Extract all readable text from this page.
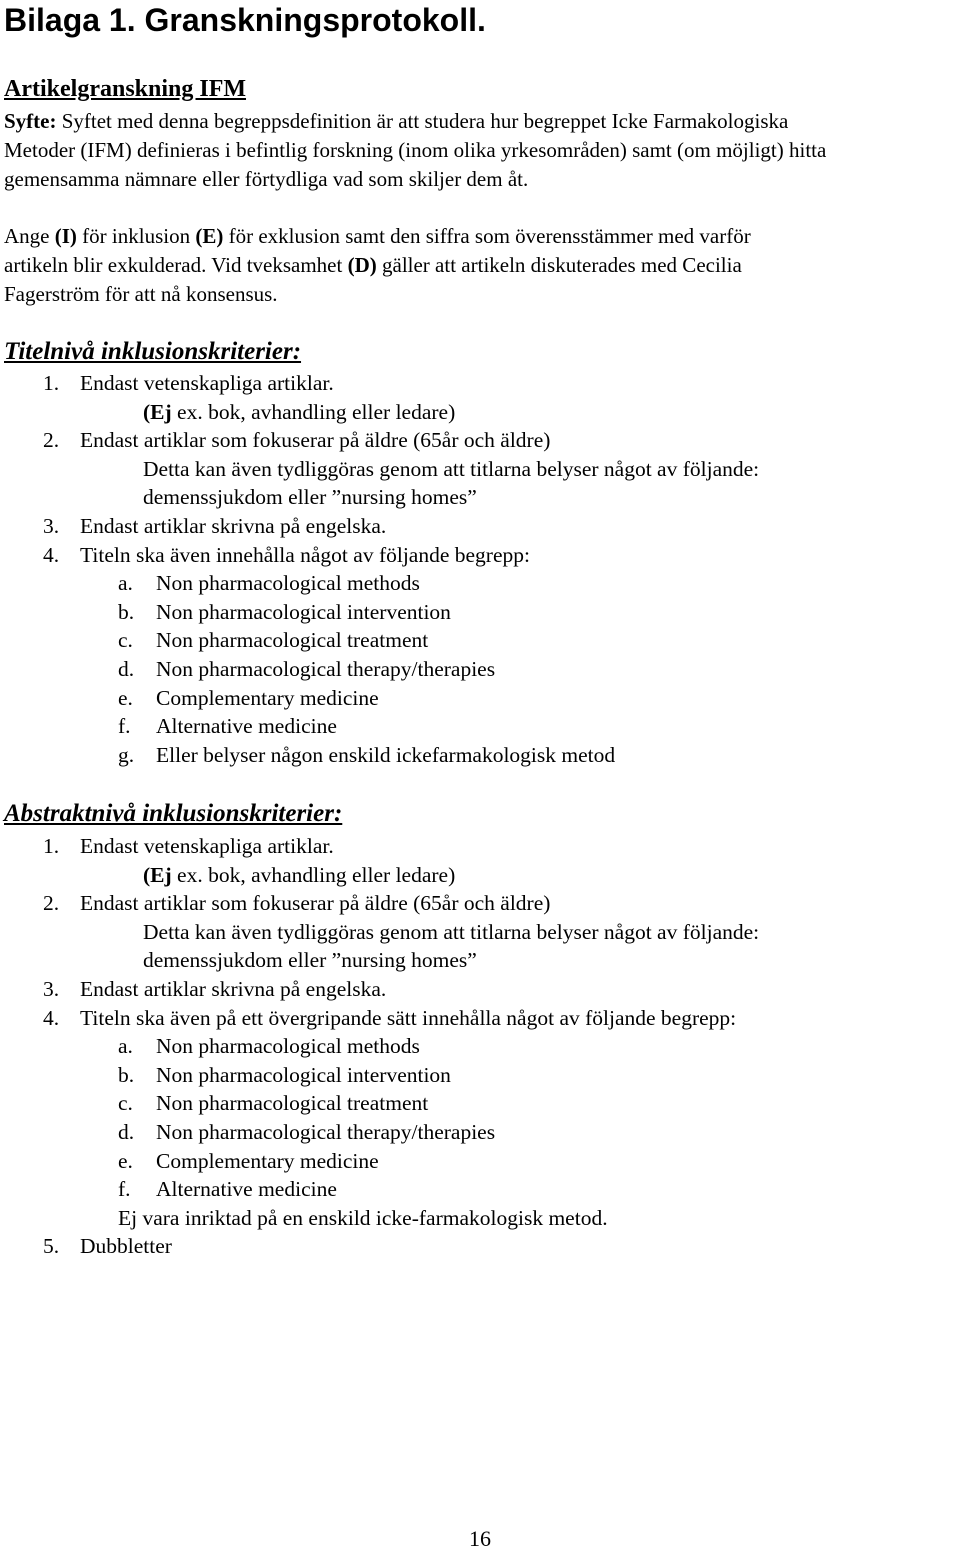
Bilaga 1. Granskningsprotokoll.
Artikelgranskning IFM
Syfte: Syftet med denna begreppsdefinition är att studera hur begreppet Icke Farmakologiska
Metoder (IFM) definieras i befintlig forskning (inom olika yrkesområden) samt (om möjligt) hitta
gemensamma nämnare eller förtydliga vad som skiljer dem åt.
Ange (I) för inklusion (E) för exklusion samt den siffra som överensstämmer med varför
artikeln blir exkulderad. Vid tveksamhet (D) gäller att artikeln diskuterades med Cecilia
Fagerström för att nå konsensus.
Titelnivå inklusionskriterier:
1. Endast vetenskapliga artiklar.
(Ej ex. bok, avhandling eller ledare)
2. Endast artiklar som fokuserar på äldre (65år och äldre)
Detta kan även tydliggöras genom att titlarna belyser något av följande:
demenssjukdom eller ”nursing homes”
3. Endast artiklar skrivna på engelska.
4. Titeln ska även innehålla något av följande begrepp:
a. Non pharmacological methods
b. Non pharmacological intervention
c. Non pharmacological treatment
d. Non pharmacological therapy/therapies
e. Complementary medicine
f. Alternative medicine
g. Eller belyser någon enskild ickefarmakologisk metod
Abstraktnivå inklusionskriterier:
1. Endast vetenskapliga artiklar.
(Ej ex. bok, avhandling eller ledare)
2. Endast artiklar som fokuserar på äldre (65år och äldre)
Detta kan även tydliggöras genom att titlarna belyser något av följande:
demenssjukdom eller ”nursing homes”
3. Endast artiklar skrivna på engelska.
4. Titeln ska även på ett övergripande sätt innehålla något av följande begrepp:
a. Non pharmacological methods
b. Non pharmacological intervention
c. Non pharmacological treatment
d. Non pharmacological therapy/therapies
e. Complementary medicine
f. Alternative medicine
Ej vara inriktad på en enskild icke-farmakologisk metod.
5. Dubbletter
16
